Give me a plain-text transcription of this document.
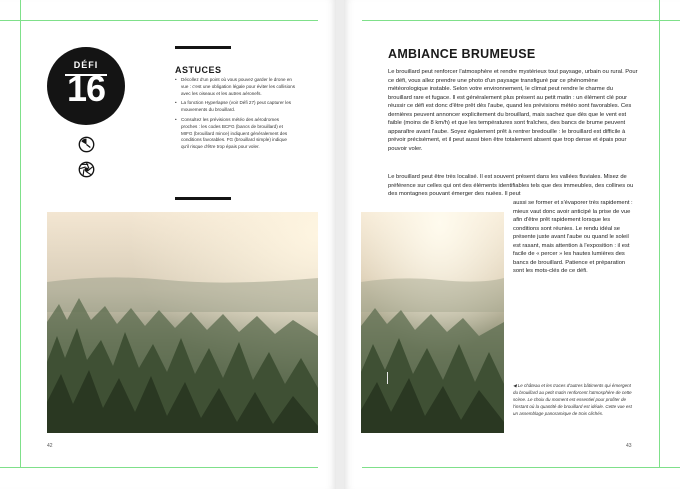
DÉFI
16	ASTUCES
• Décollez d'un point où vous pouvez garder le drone en vue : c'est une obligation légale pour éviter les collisions avec les oiseaux et les autres aéronefs.
• La fonction Hyperlapse (voir Défi 27) peut capturer les mouvements du brouillard.
• Consultez les prévisions météo des aérodromes proches : les codes BCFG (bancs de brouillard) et MIFG (brouillard mince) indiquent généralement des conditions favorables. FG (brouillard simple) indique qu'il risque d'être trop épais pour voler.
42
AMBIANCE BRUMEUSE

Le brouillard peut renforcer l'atmosphère et rendre mystérieux tout paysage, urbain ou rural. Pour ce défi, vous allez prendre une photo d'un paysage transfiguré par ce phénomène météorologique instable. Selon votre environnement, le climat peut rendre le charme du brouillard rare et fugace. Il est généralement plus présent au petit matin : un élément clé pour réussir ce défi est donc d'être prêt dès l'aube, quand les prévisions météo sont favorables. Ces dernières peuvent annoncer explicitement du brouillard, mais sachez que dès que le vent est faible (moins de 8 km/h) et que les températures sont fraîches, des bancs de brume peuvent apparaître avant l'aube. Soyez également prêt à rentrer bredouille : le brouillard est difficile à prévoir précisément, et il peut aussi bien être totalement absent que trop dense et épais pour pouvoir voler.

Le brouillard peut être très localisé. Il est souvent présent dans les vallées fluviales. Misez de préférence sur celles qui ont des éléments identifiables tels que des immeubles, des collines ou des montagnes pouvant émerger des nuées. Il peut

aussi se former et s'évaporer très rapidement : mieux vaut donc avoir anticipé la prise de vue afin d'être prêt rapidement lorsque les conditions sont réunies. Le rendu idéal se présente juste avant l'aube ou quand le soleil est rasant, mais attention à l'exposition : il est facile de « percer » les hautes lumières des bancs de brouillard. Patience et préparation sont les mots-clés de ce défi.

◀ Le château et les traces d'autres bâtiments qui émergent du brouillard au petit matin renforcent l'atmosphère de cette scène. Le choix du moment est essentiel pour profiter de l'instant où la quantité de brouillard est idéale. Cette vue est un assemblage panoramique de trois clichés.

43
